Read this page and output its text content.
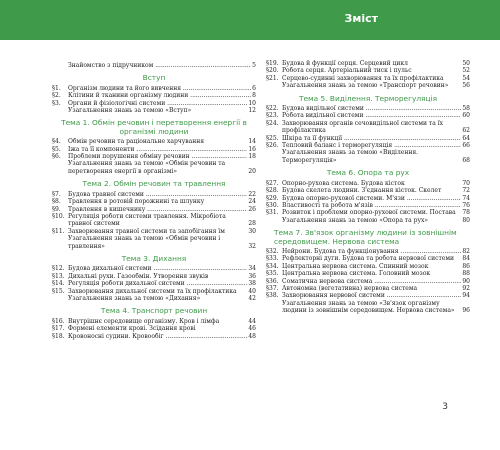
Зміст
Знайомство з підручником .....	5
Вступ
§1.	Організм людини та його вивчення .....	6
§2.	Клітини й тканини організму людини .....	8
§3.	Органи й фізіологічні системи .....	10
Узагальнення знань за темою «Вступ»	12
Тема 1. Обмін речовин і перетворення енергії в організмі людини
§4.	Обмін речовин та раціональне харчування	14
§5.	Їжа та її компоненти .....	16
§6.	Проблеми порушення обміну речовин .....	18
Узагальнення знань за темою «Обмін речовин та перетворення енергії в організмі»	20
Тема 2. Обмін речовин та травлення
§7.	Будова травної системи .....	22
§8.	Травлення в ротовій порожнині та шлунку	24
§9.	Травлення в кишечнику .....	26
§10. Регуляція роботи системи травлення. Мікробіота травної системи	28
§11. Захворювання травної системи та запобігання їм	30
Узагальнення знань за темою «Обмін речовин і травлення»	32
Тема 3. Дихання
§12. Будова дихальної системи .....	34
§13. Дихальні рухи. Газообмін. Утворення звуків	36
§14. Регуляція роботи дихальної системи .....	38
§15. Захворювання дихальної системи та їх профілактика	40
Узагальнення знань за темою «Дихання»	42
Тема 4. Транспорт речовин
§16. Внутрішнє середовище організму. Кров і лімфа	44
§17. Формені елементи крові. Зсідання крові	46
§18. Кровоносні судини. Кровообіг .....	48
§19. Будова й функції серця. Серцевий цикл	50
§20. Робота серця. Артеріальний тиск і пульс	52
§21. Серцево-судинні захворювання та їх профілактика	54
Узагальнення знань за темою «Транспорт речовин»	56
Тема 5. Виділення. Терморегуляція
§22. Будова видільної системи .....	58
§23. Робота видільної системи .....	60
§24. Захворювання органів сечовидільної системи та їх профілактика	62
§25. Шкіра та її функції .....	64
§26. Тепловий баланс і терморегуляція .....	66
Узагальнення знань за темою «Виділення. Терморегуляція»	68
Тема 6. Опора та рух
§27. Опорно-рухова система. Будова кісток	70
§28. Будова скелета людини. З'єднання кісток. Скелет	72
§29. Будова опорно-рухової системи. М'язи .....	74
§30. Властивості та робота м'язів .....	76
§31. Розвиток і проблеми опорно-рухової системи. Постава	78
Узагальнення знань за темою «Опора та рух»	80
Тема 7. Зв'язок організму людини із зовнішнім середовищем. Нервова система
§32. Нейрони. Будова та функціонування .....	82
§33. Рефлекторні дуги. Будова та робота нервової системи	84
§34. Центральна нервова система. Спинний мозок	86
§35. Центральна нервова система. Головний мозок	88
§36. Соматична нервова система .....	90
§37. Автономна (вегетативна) нервова система	92
§38. Захворювання нервової системи .....	94
Узагальнення знань за темою «Зв'язок організму людини із зовнішнім середовищем. Нервова система»	96
3
